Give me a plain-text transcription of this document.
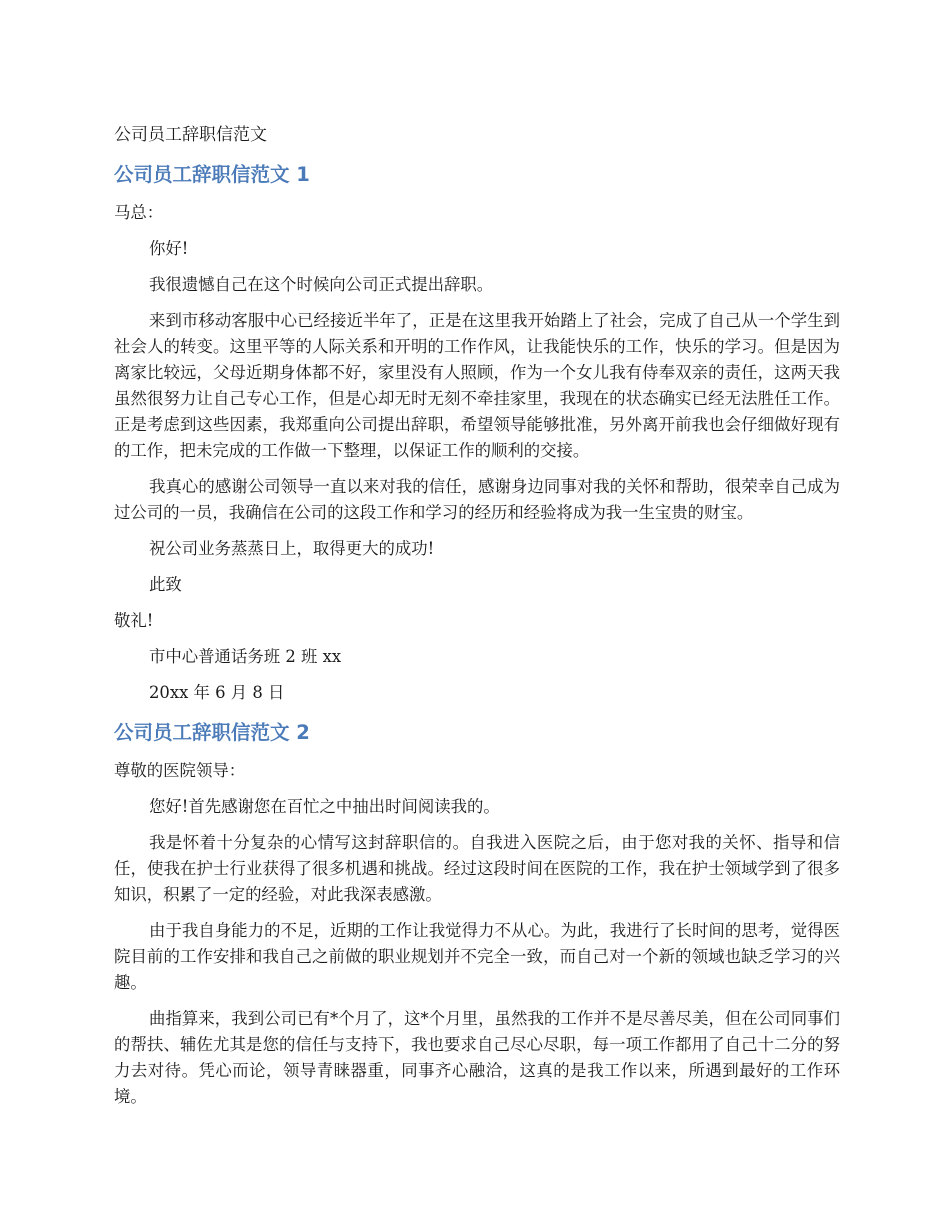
公司员工辞职信范文
公司员工辞职信范文 1

马总：

你好!

我很遗憾自己在这个时候向公司正式提出辞职。

来到市移动客服中心已经接近半年了，正是在这里我开始踏上了社会，完成了自己从一个学生到社会人的转变。这里平等的人际关系和开明的工作作风，让我能快乐的工作，快乐的学习。但是因为离家比较远，父母近期身体都不好，家里没有人照顾，作为一个女儿我有侍奉双亲的责任，这两天我虽然很努力让自己专心工作，但是心却无时无刻不牵挂家里，我现在的状态确实已经无法胜任工作。正是考虑到这些因素，我郑重向公司提出辞职，希望领导能够批准，另外离开前我也会仔细做好现有的工作，把未完成的工作做一下整理，以保证工作的顺利的交接。

我真心的感谢公司领导一直以来对我的信任，感谢身边同事对我的关怀和帮助，很荣幸自己成为过公司的一员，我确信在公司的这段工作和学习的经历和经验将成为我一生宝贵的财宝。

祝公司业务蒸蒸日上，取得更大的成功!

此致

敬礼!

市中心普通话务班 2 班 xx

20xx 年 6 月 8 日

公司员工辞职信范文 2

尊敬的医院领导：

您好!首先感谢您在百忙之中抽出时间阅读我的。

我是怀着十分复杂的心情写这封辞职信的。自我进入医院之后，由于您对我的关怀、指导和信任，使我在护士行业获得了很多机遇和挑战。经过这段时间在医院的工作，我在护士领域学到了很多知识，积累了一定的经验，对此我深表感激。

由于我自身能力的不足，近期的工作让我觉得力不从心。为此，我进行了长时间的思考，觉得医院目前的工作安排和我自己之前做的职业规划并不完全一致，而自己对一个新的领域也缺乏学习的兴趣。

曲指算来，我到公司已有*个月了，这*个月里，虽然我的工作并不是尽善尽美，但在公司同事们的帮扶、辅佐尤其是您的信任与支持下，我也要求自己尽心尽职，每一项工作都用了自己十二分的努力去对待。凭心而论，领导青睐器重，同事齐心融洽，这真的是我工作以来，所遇到最好的工作环境。
